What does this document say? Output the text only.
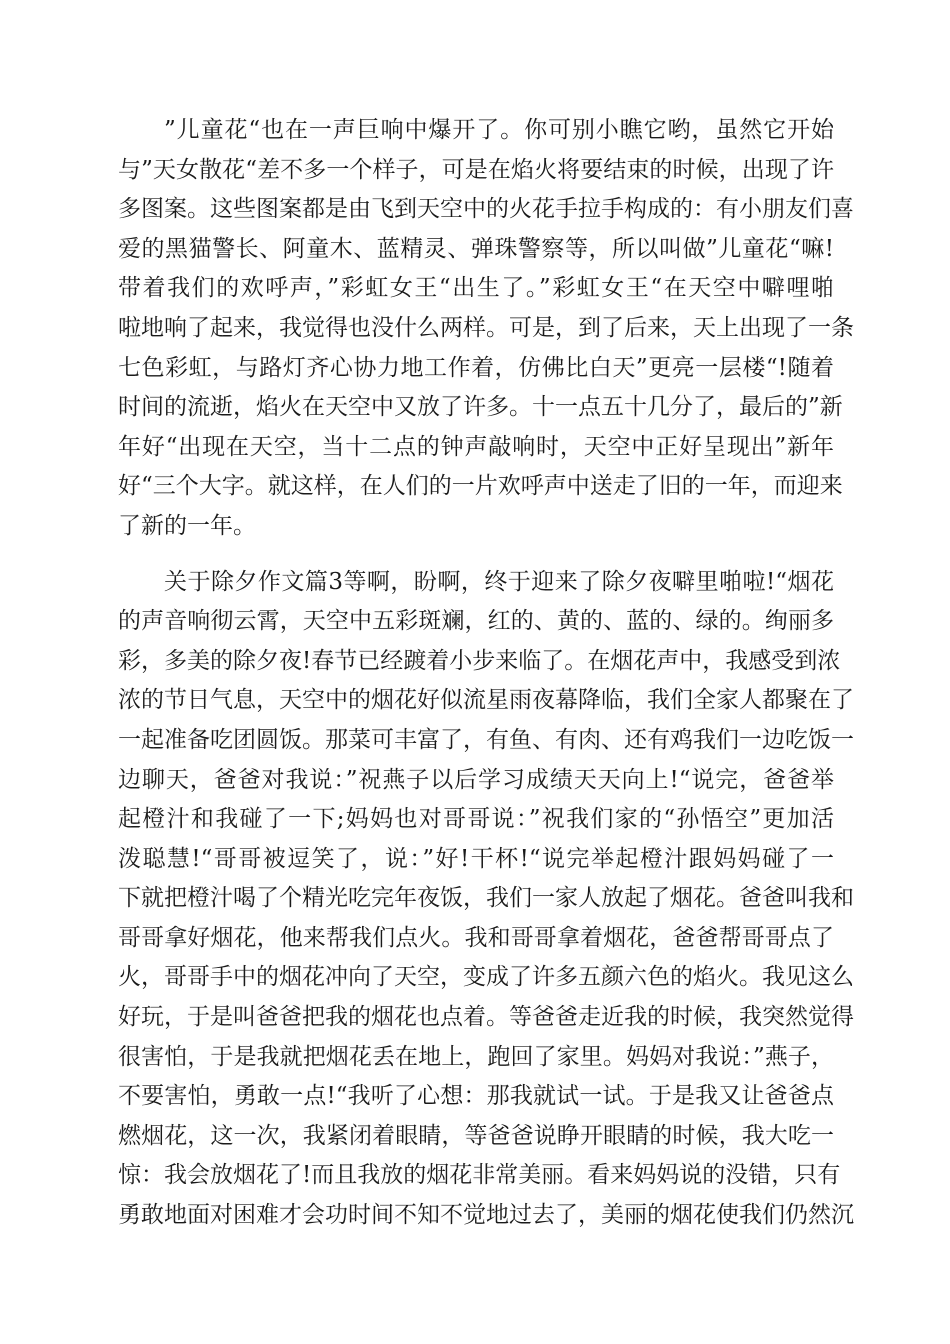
”儿童花“也在一声巨响中爆开了。你可别小瞧它哟，虽然它开始
与”天女散花“差不多一个样子，可是在焰火将要结束的时候，出现了许
多图案。这些图案都是由飞到天空中的火花手拉手构成的：有小朋友们喜
爱的黑猫警长、阿童木、蓝精灵、弹珠警察等，所以叫做”儿童花“嘛!
带着我们的欢呼声，”彩虹女王“出生了。”彩虹女王“在天空中噼哩啪
啦地响了起来，我觉得也没什么两样。可是，到了后来，天上出现了一条
七色彩虹，与路灯齐心协力地工作着，仿佛比白天”更亮一层楼“!随着
时间的流逝，焰火在天空中又放了许多。十一点五十几分了，最后的”新
年好“出现在天空，当十二点的钟声敲响时，天空中正好呈现出”新年
好“三个大字。就这样，在人们的一片欢呼声中送走了旧的一年，而迎来
了新的一年。
关于除夕作文篇3等啊，盼啊，终于迎来了除夕夜噼里啪啦!“烟花
的声音响彻云霄，天空中五彩斑斓，红的、黄的、蓝的、绿的。绚丽多
彩，多美的除夕夜!春节已经踱着小步来临了。在烟花声中，我感受到浓
浓的节日气息，天空中的烟花好似流星雨夜幕降临，我们全家人都聚在了
一起准备吃团圆饭。那菜可丰富了，有鱼、有肉、还有鸡我们一边吃饭一
边聊天，爸爸对我说：”祝燕子以后学习成绩天天向上!“说完，爸爸举
起橙汁和我碰了一下;妈妈也对哥哥说：”祝我们家的“孙悟空”更加活
泼聪慧!“哥哥被逗笑了，说：”好!干杯!“说完举起橙汁跟妈妈碰了一
下就把橙汁喝了个精光吃完年夜饭，我们一家人放起了烟花。爸爸叫我和
哥哥拿好烟花，他来帮我们点火。我和哥哥拿着烟花，爸爸帮哥哥点了
火，哥哥手中的烟花冲向了天空，变成了许多五颜六色的焰火。我见这么
好玩，于是叫爸爸把我的烟花也点着。等爸爸走近我的时候，我突然觉得
很害怕，于是我就把烟花丢在地上，跑回了家里。妈妈对我说：”燕子，
不要害怕，勇敢一点!“我听了心想：那我就试一试。于是我又让爸爸点
燃烟花，这一次，我紧闭着眼睛，等爸爸说睁开眼睛的时候，我大吃一
惊：我会放烟花了!而且我放的烟花非常美丽。看来妈妈说的没错，只有
勇敢地面对困难才会功时间不知不觉地过去了，美丽的烟花使我们仍然沉
